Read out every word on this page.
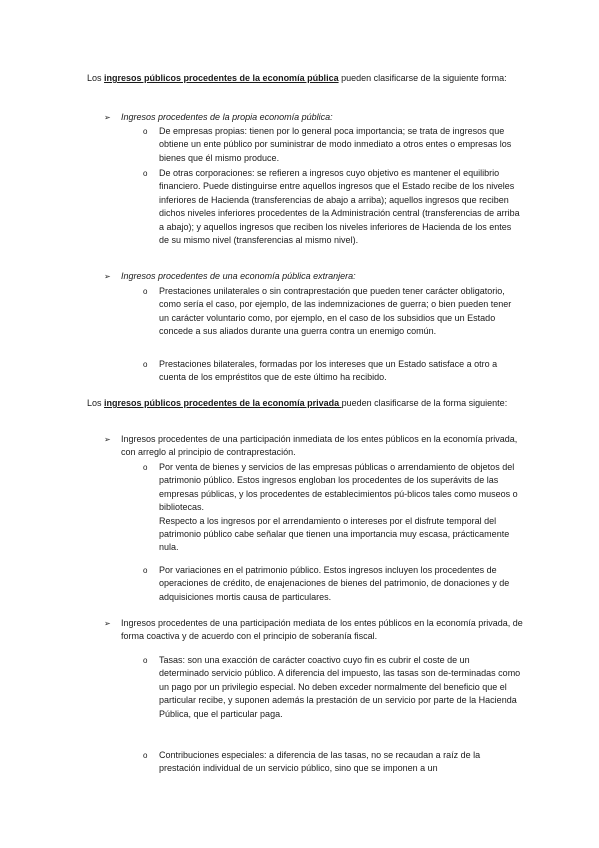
Los ingresos públicos procedentes de la economía pública pueden clasificarse de la siguiente forma:

➢ Ingresos procedentes de la propia economía pública:
o De empresas propias: tienen por lo general poca importancia; se trata de ingresos que obtiene un ente público por suministrar de modo inmediato a otros entes o empresas los bienes que él mismo produce.
o De otras corporaciones: se refieren a ingresos cuyo objetivo es mantener el equilibrio financiero. Puede distinguirse entre aquellos ingresos que el Estado recibe de los niveles inferiores de Hacienda (transferencias de abajo a arriba); aquellos ingresos que reciben dichos niveles inferiores procedentes de la Administración central (transferencias de arriba a abajo); y aquellos ingresos que reciben los niveles inferiores de Hacienda de los entes de su mismo nivel (transferencias al mismo nivel).
➢ Ingresos procedentes de una economía pública extranjera:
o Prestaciones unilaterales o sin contraprestación que pueden tener carácter obligatorio, como sería el caso, por ejemplo, de las indemnizaciones de guerra; o bien pueden tener un carácter voluntario como, por ejemplo, en el caso de los subsidios que un Estado concede a sus aliados durante una guerra contra un enemigo común.
o Prestaciones bilaterales, formadas por los intereses que un Estado satisface a otro a cuenta de los empréstitos que de este último ha recibido.

Los ingresos públicos procedentes de la economía privada pueden clasificarse de la forma siguiente:

➢ Ingresos procedentes de una participación inmediata de los entes públicos en la economía privada, con arreglo al principio de contraprestación.
o Por venta de bienes y servicios de las empresas públicas o arrendamiento de objetos del patrimonio público. Estos ingresos engloban los procedentes de los superávits de las empresas públicas, y los procedentes de establecimientos pú-blicos tales como museos o bibliotecas.
Respecto a los ingresos por el arrendamiento o intereses por el disfrute temporal del patrimonio público cabe señalar que tienen una importancia muy escasa, prácticamente nula.
o Por variaciones en el patrimonio público. Estos ingresos incluyen los procedentes de operaciones de crédito, de enajenaciones de bienes del patrimonio, de donaciones y de adquisiciones mortis causa de particulares.
➢ Ingresos procedentes de una participación mediata de los entes públicos en la economía privada, de forma coactiva y de acuerdo con el principio de soberanía fiscal.
o Tasas: son una exacción de carácter coactivo cuyo fin es cubrir el coste de un determinado servicio público. A diferencia del impuesto, las tasas son de-terminadas como un pago por un privilegio especial. No deben exceder normalmente del beneficio que el particular recibe, y suponen además la prestación de un servicio por parte de la Hacienda Pública, que el particular paga.
o Contribuciones especiales: a diferencia de las tasas, no se recaudan a raíz de la prestación individual de un servicio público, sino que se imponen a un
